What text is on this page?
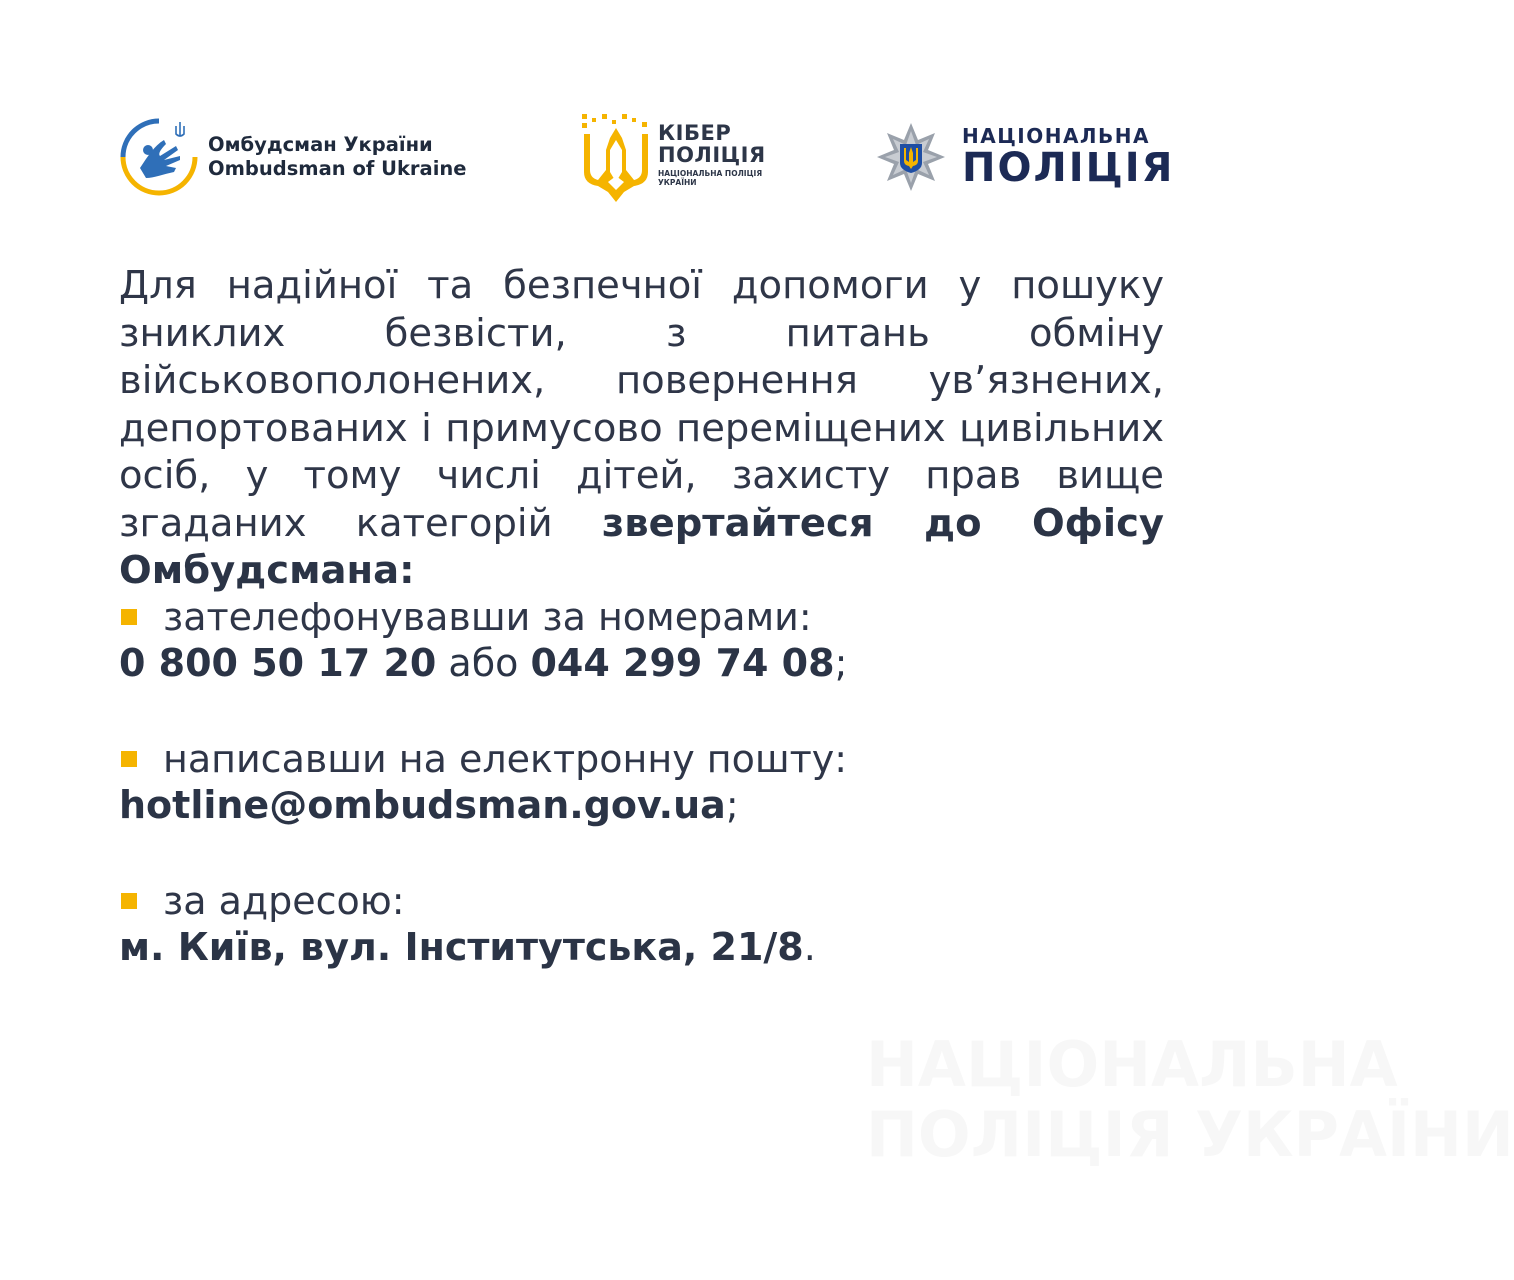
Омбудсман України
Ombudsman of Ukraine
КІБЕР
ПОЛІЦІЯ
НАЦІОНАЛЬНА ПОЛІЦІЯ УКРАЇНИ
НАЦІОНАЛЬНА
ПОЛІЦІЯ

Для надійної та безпечної допомоги у пошуку зниклих безвісти, з питань обміну військовополонених, повернення ув’язнених, депортованих і примусово переміщених цивільних осіб, у тому числі дітей, захисту прав вище згаданих категорій звертайтеся до Офісу Омбудсмана:

зателефонувавши за номерами:
0 800 50 17 20 або 044 299 74 08;
написавши на електронну пошту:
hotline@ombudsman.gov.ua;
за адресою:
м. Київ, вул. Інститутська, 21/8.
НАЦІОНАЛЬНА
ПОЛІЦІЯ УКРАЇНИ
